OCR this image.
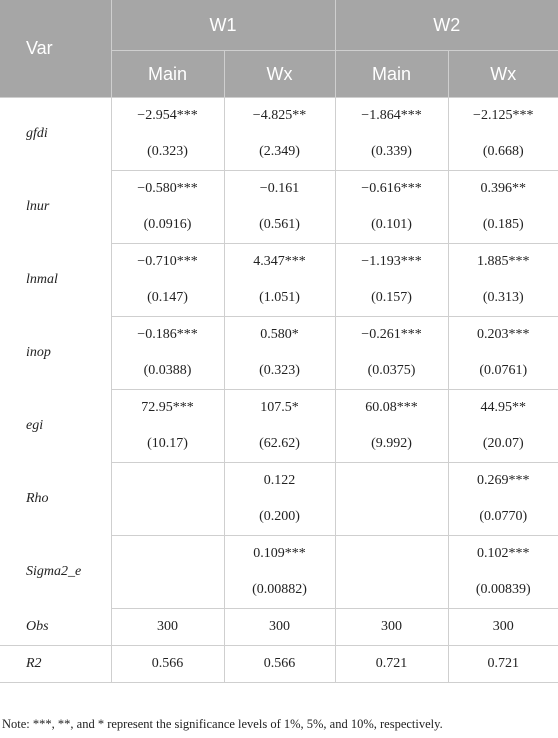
Var	W1		W2	
	Main	Wx	Main	Wx
gfdi	−2.954***	−4.825**	−1.864***	−2.125***
	(0.323)	(2.349)	(0.339)	(0.668)
lnur	−0.580***	−0.161	−0.616***	0.396**
	(0.0916)	(0.561)	(0.101)	(0.185)
lnmal	−0.710***	4.347***	−1.193***	1.885***
	(0.147)	(1.051)	(0.157)	(0.313)
inop	−0.186***	0.580*	−0.261***	0.203***
	(0.0388)	(0.323)	(0.0375)	(0.0761)
egi	72.95***	107.5*	60.08***	44.95**
	(10.17)	(62.62)	(9.992)	(20.07)
Rho		0.122		0.269***
		(0.200)		(0.0770)
Sigma2_e		0.109***		0.102***
		(0.00882)		(0.00839)
Obs	300	300	300	300
R2	0.566	0.566	0.721	0.721
Note: ***, **, and * represent the significance levels of 1%, 5%, and 10%, respectively.
